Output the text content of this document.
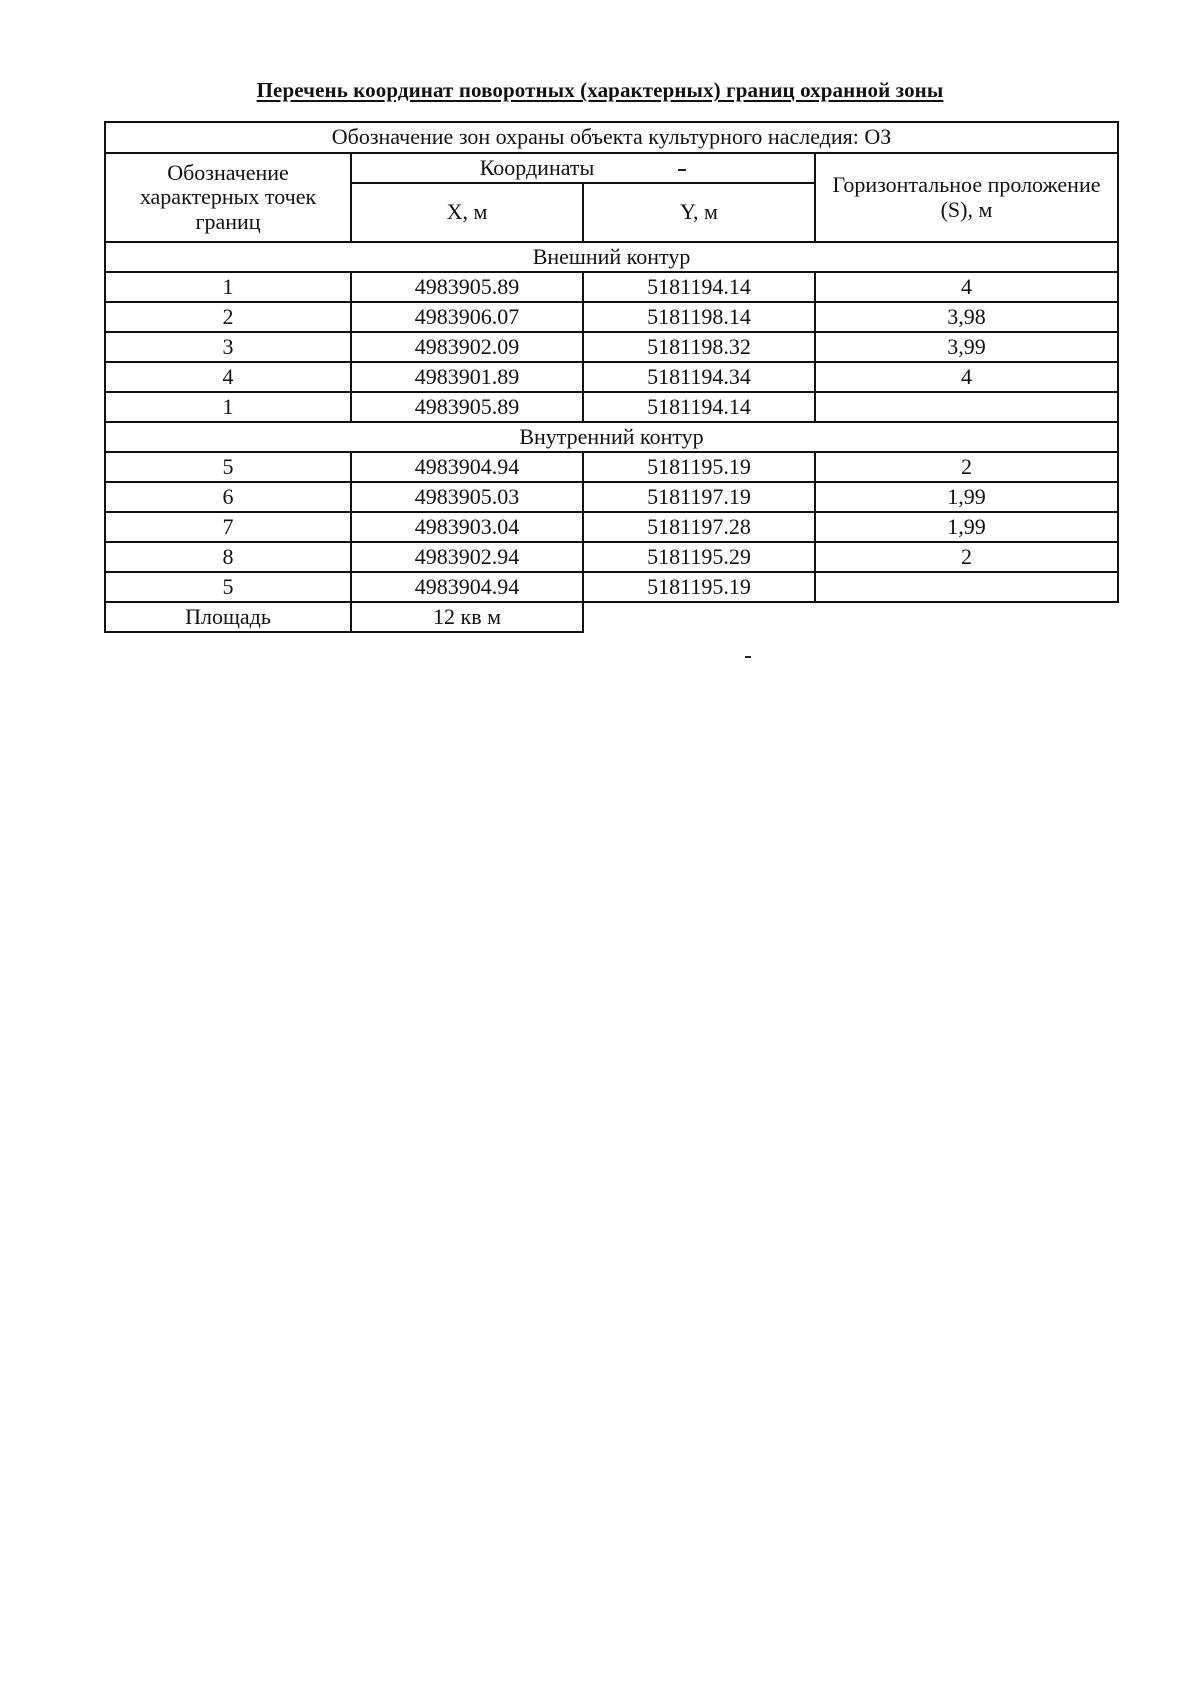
Перечень координат поворотных (характерных) границ охранной зоны
Обозначение зон охраны объекта культурного наследия: ОЗ			
Обозначение характерных точек границ	Координаты		Горизонтальное проложение (S), м
	X, м	Y, м	
Внешний контур			
1	4983905.89	5181194.14	4
2	4983906.07	5181198.14	3,98
3	4983902.09	5181198.32	3,99
4	4983901.89	5181194.34	4
1	4983905.89	5181194.14	
Внутренний контур			
5	4983904.94	5181195.19	2
6	4983905.03	5181197.19	1,99
7	4983903.04	5181197.28	1,99
8	4983902.94	5181195.29	2
5	4983904.94	5181195.19	
Площадь	12 кв м		
